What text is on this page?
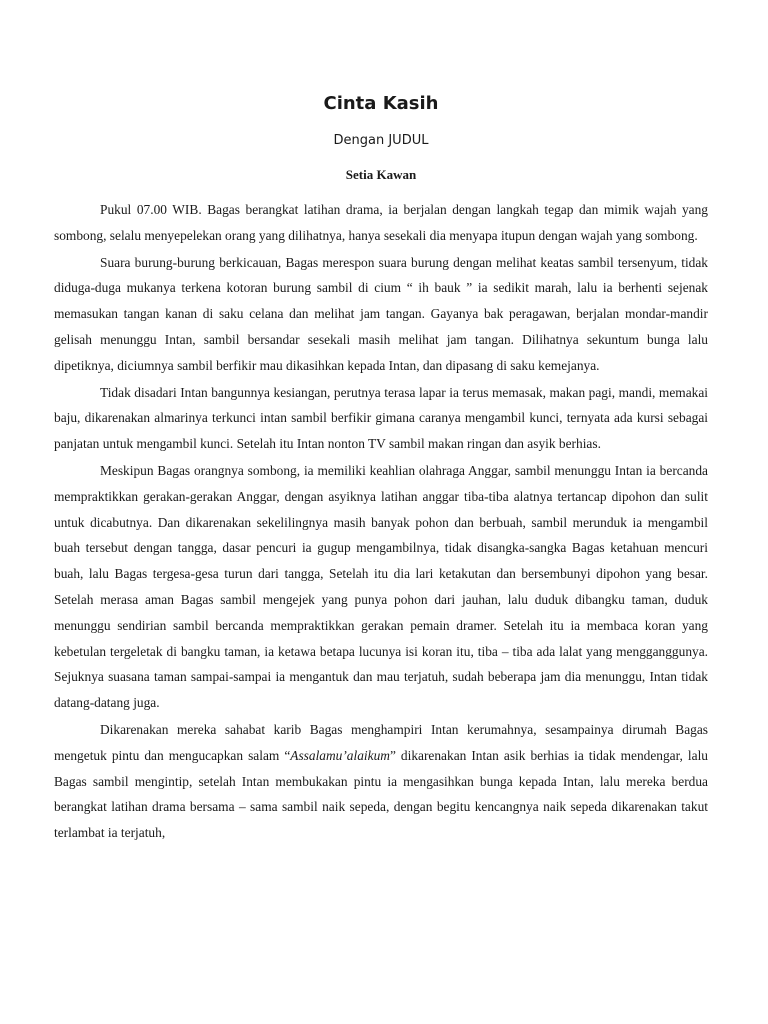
Cinta Kasih
Dengan JUDUL
Setia Kawan

Pukul 07.00 WIB. Bagas berangkat latihan drama, ia berjalan dengan langkah tegap dan mimik wajah yang sombong, selalu menyepelekan orang yang dilihatnya, hanya sesekali dia menyapa itupun dengan wajah yang sombong.

Suara burung-burung berkicauan, Bagas merespon suara burung dengan melihat keatas sambil tersenyum, tidak diduga-duga mukanya terkena kotoran burung sambil di cium “ ih bauk ” ia sedikit marah, lalu ia berhenti sejenak memasukan tangan kanan di saku celana dan melihat jam tangan. Gayanya bak peragawan, berjalan mondar-mandir gelisah menunggu Intan, sambil bersandar sesekali masih melihat jam tangan. Dilihatnya sekuntum bunga lalu dipetiknya, diciumnya sambil berfikir mau dikasihkan kepada Intan, dan dipasang di saku kemejanya.

Tidak disadari Intan bangunnya kesiangan, perutnya terasa lapar ia terus memasak, makan pagi, mandi, memakai baju, dikarenakan almarinya terkunci intan sambil berfikir gimana caranya mengambil kunci, ternyata ada kursi sebagai panjatan untuk mengambil kunci. Setelah itu Intan nonton TV sambil makan ringan dan asyik berhias.

Meskipun Bagas orangnya sombong, ia memiliki keahlian olahraga Anggar, sambil menunggu Intan ia bercanda mempraktikkan gerakan-gerakan Anggar, dengan asyiknya latihan anggar tiba-tiba alatnya tertancap dipohon dan sulit untuk dicabutnya. Dan dikarenakan sekelilingnya masih banyak pohon dan berbuah, sambil merunduk ia mengambil buah tersebut dengan tangga, dasar pencuri ia gugup mengambilnya, tidak disangka-sangka Bagas ketahuan mencuri buah, lalu Bagas tergesa-gesa turun dari tangga, Setelah itu dia lari ketakutan dan bersembunyi dipohon yang besar. Setelah merasa aman Bagas sambil mengejek yang punya pohon dari jauhan, lalu duduk dibangku taman, duduk menunggu sendirian sambil bercanda mempraktikkan gerakan pemain dramer. Setelah itu ia membaca koran yang kebetulan tergeletak di bangku taman, ia ketawa betapa lucunya isi koran itu, tiba – tiba ada lalat yang mengganggunya. Sejuknya suasana taman sampai-sampai ia mengantuk dan mau terjatuh, sudah beberapa jam dia menunggu, Intan tidak datang-datang juga.

Dikarenakan mereka sahabat karib Bagas menghampiri Intan kerumahnya, sesampainya dirumah Bagas mengetuk pintu dan mengucapkan salam “Assalamu’alaikum” dikarenakan Intan asik berhias ia tidak mendengar, lalu Bagas sambil mengintip, setelah Intan membukakan pintu ia mengasihkan bunga kepada Intan, lalu mereka berdua berangkat latihan drama bersama – sama sambil naik sepeda, dengan begitu kencangnya naik sepeda dikarenakan takut terlambat ia terjatuh,
